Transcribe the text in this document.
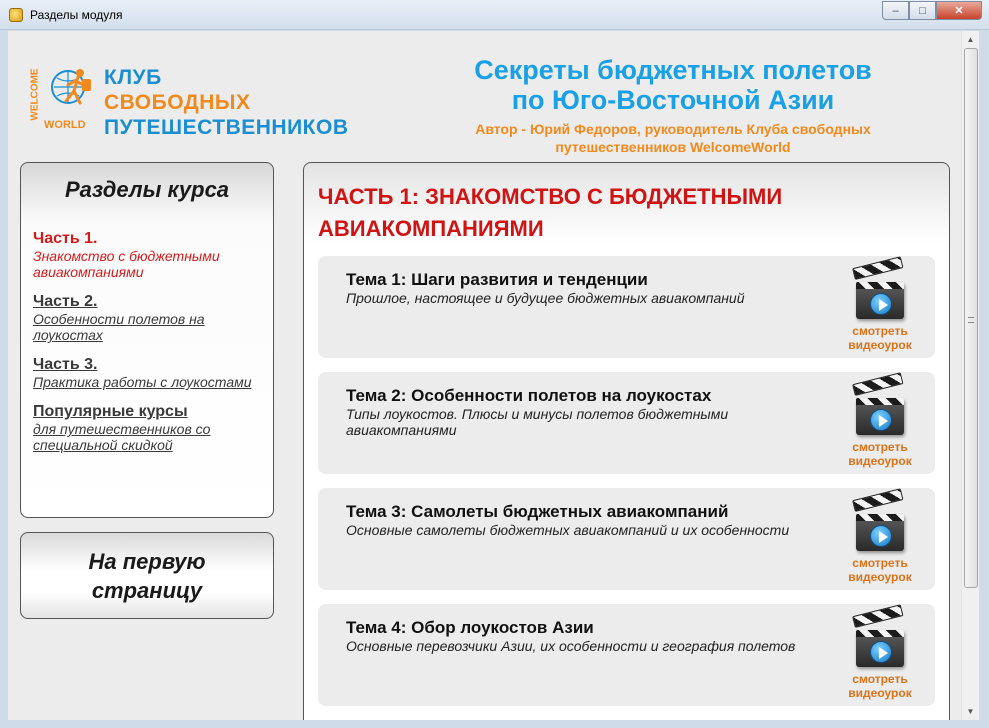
Разделы модуля	–	□	✕
WELCOME
WORLD
КЛУБ
СВОБОДНЫХ
ПУТЕШЕСТВЕННИКОВ
Секреты бюджетных полетов
по Юго-Восточной Азии
Автор - Юрий Федоров, руководитель Клуба свободных
путешественников WelcomeWorld
Разделы курса
Часть 1.
Знакомство с бюджетными авиакомпаниями
Часть 2.
Особенности полетов на лоукостах
Часть 3.
Практика работы с лоукостами
Популярные курсы
для путешественников со специальной скидкой
На первую
страницу
ЧАСТЬ 1: ЗНАКОМСТВО С БЮДЖЕТНЫМИ АВИАКОМПАНИЯМИ
Тема 1: Шаги развития и тенденции
Прошлое, настоящее и будущее бюджетных авиакомпаний
смотреть
видеоурок
Тема 2: Особенности полетов на лоукостах
Типы лоукостов. Плюсы и минусы полетов бюджетными авиакомпаниями
смотреть
видеоурок
Тема 3: Самолеты бюджетных авиакомпаний
Основные самолеты бюджетных авиакомпаний и их особенности
смотреть
видеоурок
Тема 4: Обор лоукостов Азии
Основные перевозчики Азии, их особенности и география полетов
смотреть
видеоурок
▲
▼
